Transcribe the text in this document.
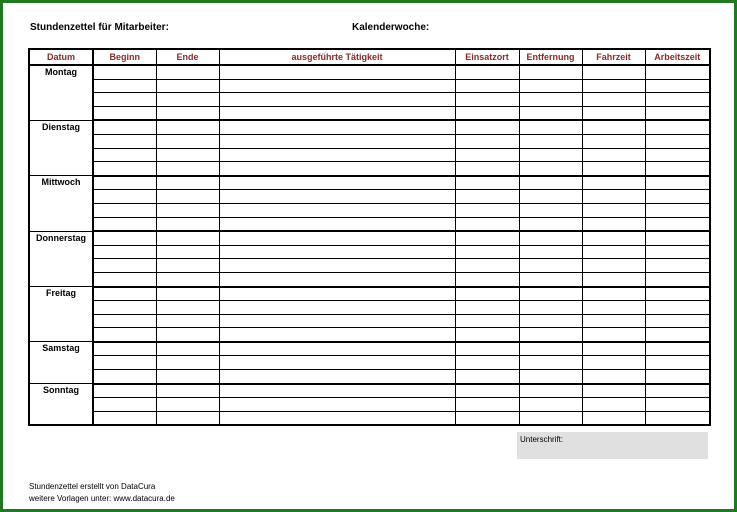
Stundenzettel für Mitarbeiter:	Kalenderwoche:
Datum	Beginn	Ende	ausgeführte Tätigkeit	Einsatzort	Entfernung	Fahrzeit	Arbeitszeit
Montag							

Dienstag							

Mittwoch							

Donnerstag							

Freitag							

Samstag							

Sonntag							

Unterschrift:
Stundenzettel erstellt von DataCura
weitere Vorlagen unter: www.datacura.de
